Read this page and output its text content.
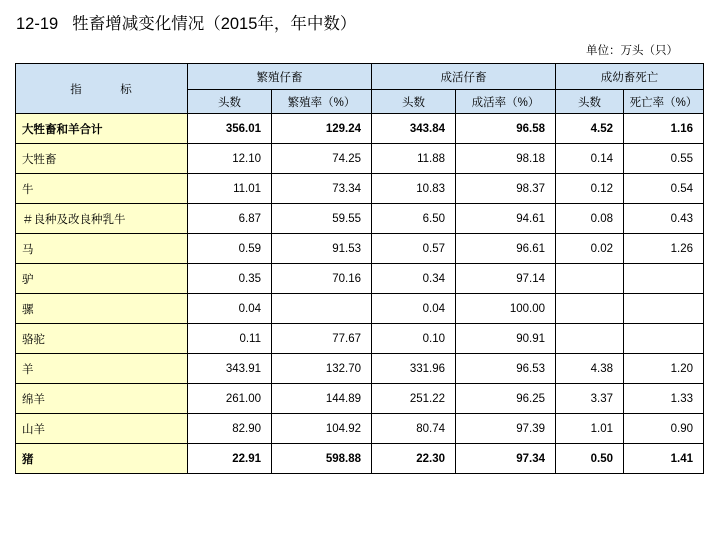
12-19 牲畜增减变化情况（2015年，年中数）
单位：万头（只）
指　　　标	繁殖仔畜		成活仔畜		成幼畜死亡	
	头数	繁殖率（%）	头数	成活率（%）	头数	死亡率（%）
大牲畜和羊合计	356.01	129.24	343.84	96.58	4.52	1.16
大牲畜	12.10	74.25	11.88	98.18	0.14	0.55
牛	11.01	73.34	10.83	98.37	0.12	0.54
＃良种及改良种乳牛	6.87	59.55	6.50	94.61	0.08	0.43
马	0.59	91.53	0.57	96.61	0.02	1.26
驴	0.35	70.16	0.34	97.14		
骡	0.04		0.04	100.00		
骆驼	0.11	77.67	0.10	90.91		
羊	343.91	132.70	331.96	96.53	4.38	1.20
绵羊	261.00	144.89	251.22	96.25	3.37	1.33
山羊	82.90	104.92	80.74	97.39	1.01	0.90
猪	22.91	598.88	22.30	97.34	0.50	1.41
